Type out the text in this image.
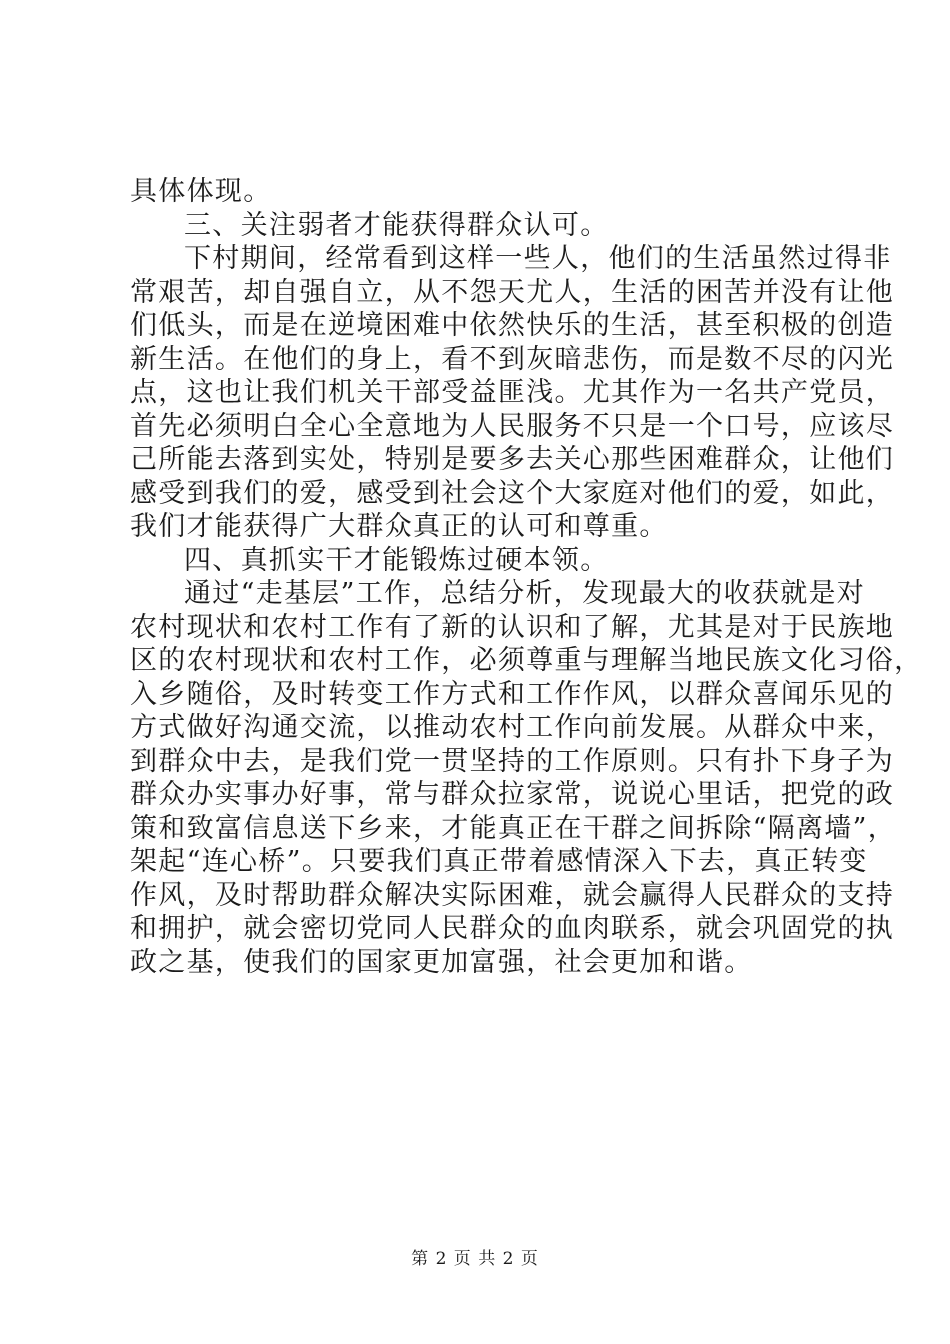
具体体现。
三、关注弱者才能获得群众认可。
下村期间，经常看到这样一些人，他们的生活虽然过得非
常艰苦，却自强自立，从不怨天尤人，生活的困苦并没有让他
们低头，而是在逆境困难中依然快乐的生活，甚至积极的创造
新生活。在他们的身上，看不到灰暗悲伤，而是数不尽的闪光
点，这也让我们机关干部受益匪浅。尤其作为一名共产党员，
首先必须明白全心全意地为人民服务不只是一个口号，应该尽
己所能去落到实处，特别是要多去关心那些困难群众，让他们
感受到我们的爱，感受到社会这个大家庭对他们的爱，如此，
我们才能获得广大群众真正的认可和尊重。
四、真抓实干才能锻炼过硬本领。
通过“走基层”工作，总结分析，发现最大的收获就是对
农村现状和农村工作有了新的认识和了解，尤其是对于民族地
区的农村现状和农村工作，必须尊重与理解当地民族文化习俗，
入乡随俗，及时转变工作方式和工作作风，以群众喜闻乐见的
方式做好沟通交流，以推动农村工作向前发展。从群众中来，
到群众中去，是我们党一贯坚持的工作原则。只有扑下身子为
群众办实事办好事，常与群众拉家常，说说心里话，把党的政
策和致富信息送下乡来，才能真正在干群之间拆除“隔离墙”，
架起“连心桥”。只要我们真正带着感情深入下去，真正转变
作风，及时帮助群众解决实际困难，就会赢得人民群众的支持
和拥护，就会密切党同人民群众的血肉联系，就会巩固党的执
政之基，使我们的国家更加富强，社会更加和谐。
第 2 页 共 2 页
